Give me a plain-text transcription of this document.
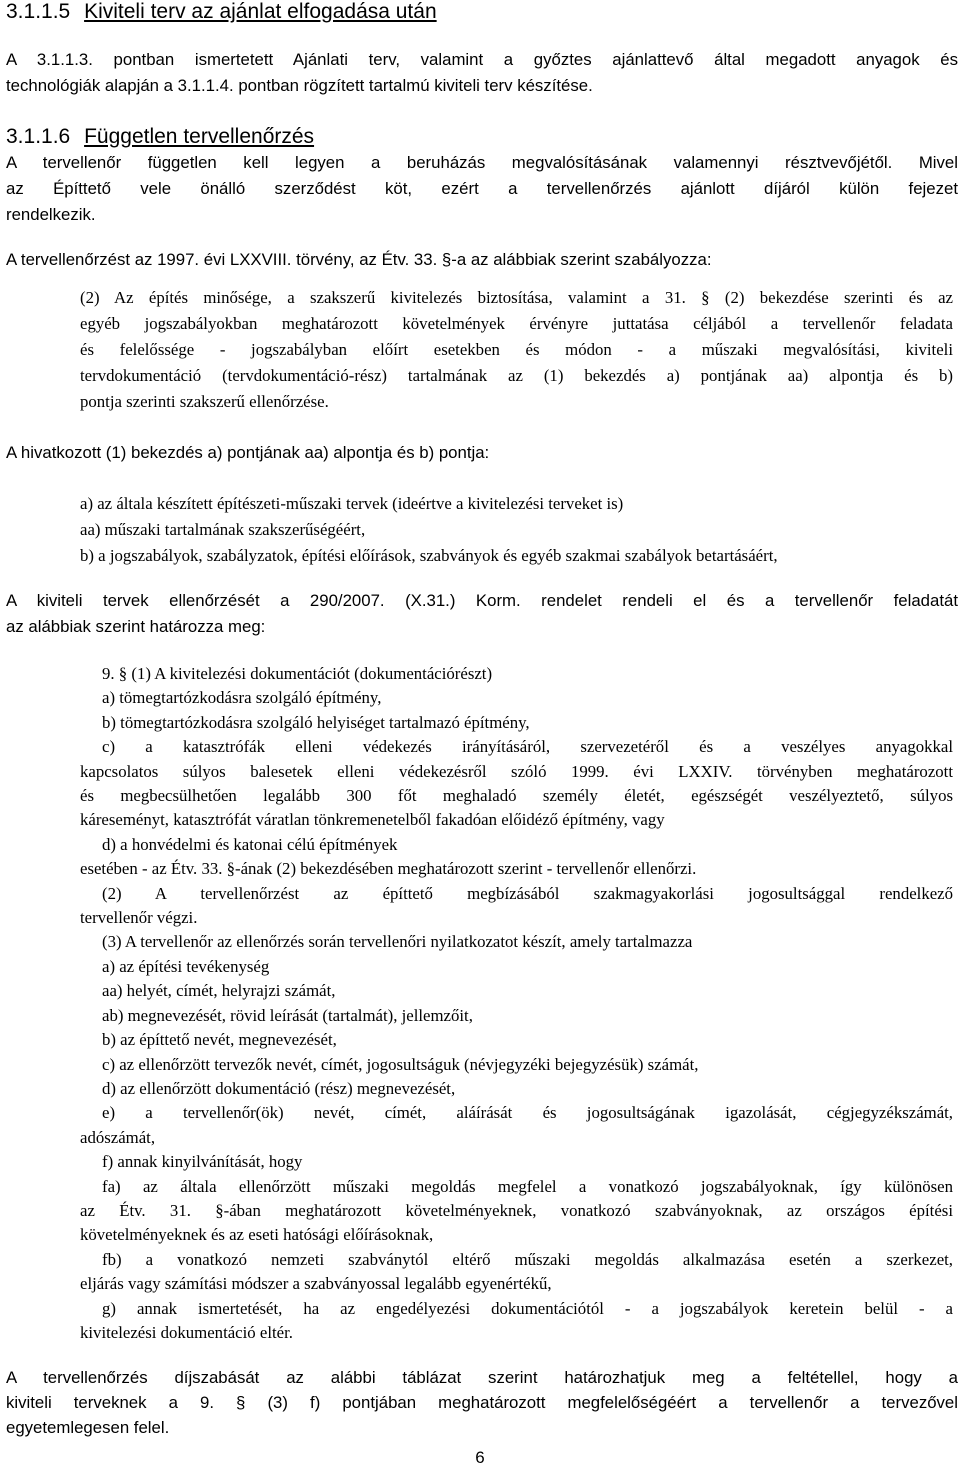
3.1.1.5 Kiviteli terv az ajánlat elfogadása után
A 3.1.1.3. pontban ismertetett Ajánlati terv, valamint a győztes ajánlattevő által megadott anyagok és
technológiák alapján a 3.1.1.4. pontban rögzített tartalmú kiviteli terv készítése.
3.1.1.6 Független tervellenőrzés
A tervellenőr független kell legyen a beruházás megvalósításának valamennyi résztvevőjétől. Mivel
az Építtető vele önálló szerződést köt, ezért a tervellenőrzés ajánlott díjáról külön fejezet
rendelkezik.
A tervellenőrzést az 1997. évi LXXVIII. törvény, az Étv. 33. §-a az alábbiak szerint szabályozza:
(2) Az építés minősége, a szakszerű kivitelezés biztosítása, valamint a 31. § (2) bekezdése szerinti és az
egyéb jogszabályokban meghatározott követelmények érvényre juttatása céljából a tervellenőr feladata
és felelőssége - jogszabályban előírt esetekben és módon - a műszaki megvalósítási, kiviteli
tervdokumentáció (tervdokumentáció-rész) tartalmának az (1) bekezdés a) pontjának aa) alpontja és b)
pontja szerinti szakszerű ellenőrzése.
A hivatkozott (1) bekezdés a) pontjának aa) alpontja és b) pontja:
a) az általa készített építészeti-műszaki tervek (ideértve a kivitelezési terveket is)
aa) műszaki tartalmának szakszerűségéért,
b) a jogszabályok, szabályzatok, építési előírások, szabványok és egyéb szakmai szabályok betartásáért,
A kiviteli tervek ellenőrzését a 290/2007. (X.31.) Korm. rendelet rendeli el és a tervellenőr feladatát
az alábbiak szerint határozza meg:
9. § (1) A kivitelezési dokumentációt (dokumentációrészt)
a) tömegtartózkodásra szolgáló építmény,
b) tömegtartózkodásra szolgáló helyiséget tartalmazó építmény,
c) a katasztrófák elleni védekezés irányításáról, szervezetéről és a veszélyes anyagokkal
kapcsolatos súlyos balesetek elleni védekezésről szóló 1999. évi LXXIV. törvényben meghatározott
és megbecsülhetően legalább 300 főt meghaladó személy életét, egészségét veszélyeztető, súlyos
káreseményt, katasztrófát váratlan tönkremenetelből fakadóan előidéző építmény, vagy
d) a honvédelmi és katonai célú építmények
esetében - az Étv. 33. §-ának (2) bekezdésében meghatározott szerint - tervellenőr ellenőrzi.
(2) A tervellenőrzést az építtető megbízásából szakmagyakorlási jogosultsággal rendelkező
tervellenőr végzi.
(3) A tervellenőr az ellenőrzés során tervellenőri nyilatkozatot készít, amely tartalmazza
a) az építési tevékenység
aa) helyét, címét, helyrajzi számát,
ab) megnevezését, rövid leírását (tartalmát), jellemzőit,
b) az építtető nevét, megnevezését,
c) az ellenőrzött tervezők nevét, címét, jogosultságuk (névjegyzéki bejegyzésük) számát,
d) az ellenőrzött dokumentáció (rész) megnevezését,
e) a tervellenőr(ök) nevét, címét, aláírását és jogosultságának igazolását, cégjegyzékszámát,
adószámát,
f) annak kinyilvánítását, hogy
fa) az általa ellenőrzött műszaki megoldás megfelel a vonatkozó jogszabályoknak, így különösen
az Étv. 31. §-ában meghatározott követelményeknek, vonatkozó szabványoknak, az országos építési
követelményeknek és az eseti hatósági előírásoknak,
fb) a vonatkozó nemzeti szabványtól eltérő műszaki megoldás alkalmazása esetén a szerkezet,
eljárás vagy számítási módszer a szabványossal legalább egyenértékű,
g) annak ismertetését, ha az engedélyezési dokumentációtól - a jogszabályok keretein belül - a
kivitelezési dokumentáció eltér.
A tervellenőrzés díjszabását az alábbi táblázat szerint határozhatjuk meg a feltétellel, hogy a
kiviteli terveknek a 9. § (3) f) pontjában meghatározott megfelelőségéért a tervellenőr a tervezővel
egyetemlegesen felel.
6
